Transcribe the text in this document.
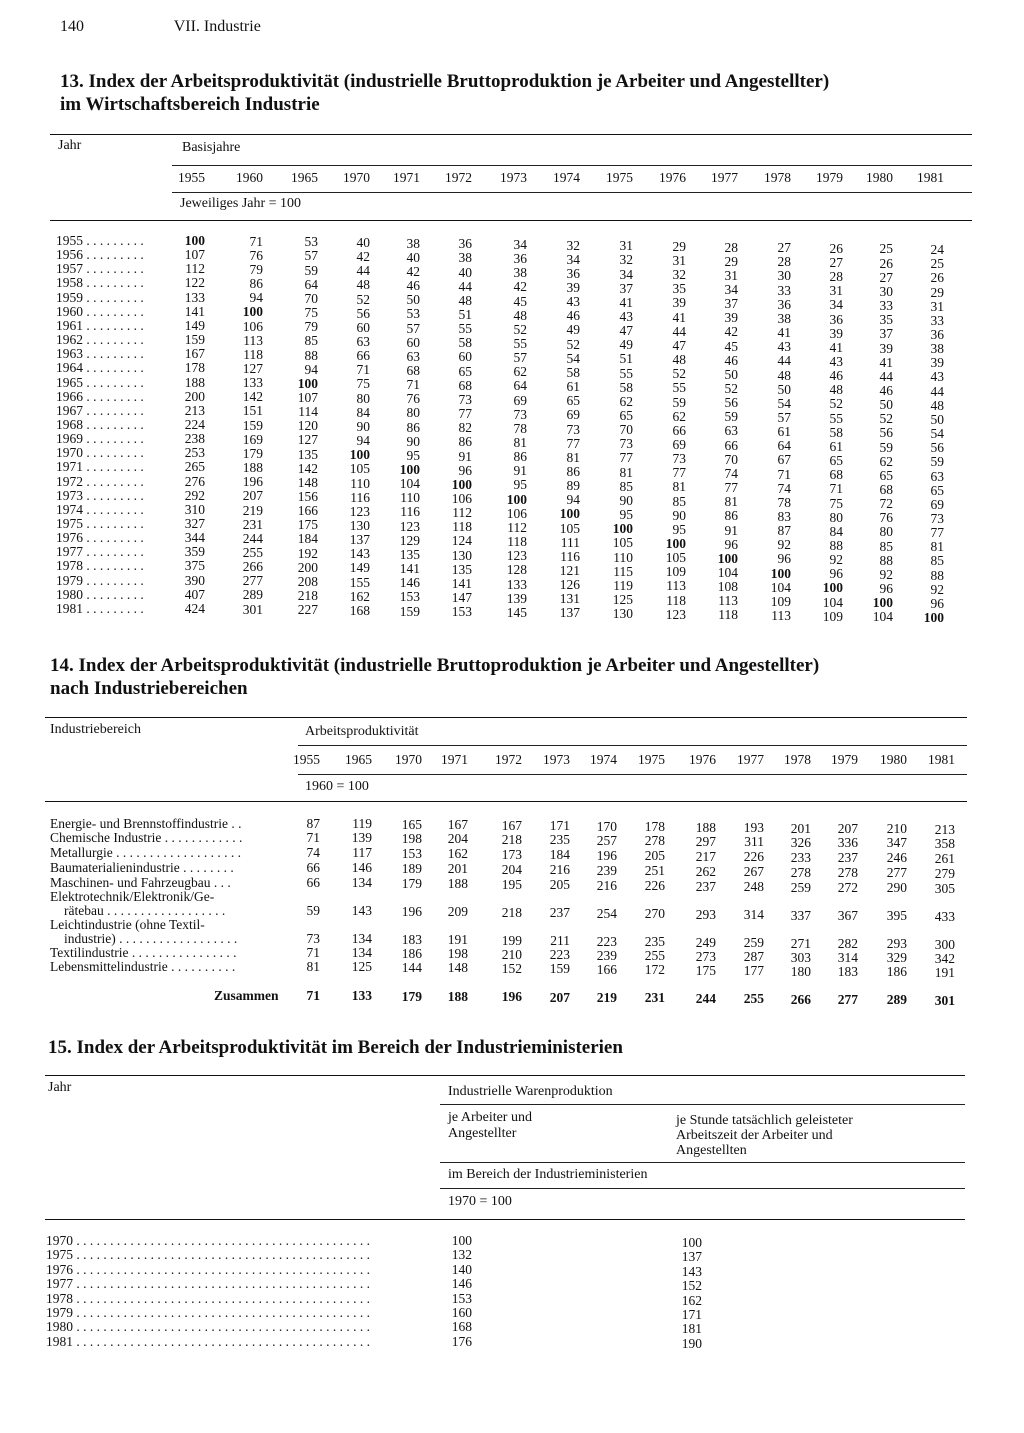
140	VII. Industrie
13. Index der Arbeitsproduktivität (industrielle Bruttoproduktion je Arbeiter und Angestellter)
im Wirtschaftsbereich Industrie
Jahr	Basisjahre
1955	1960	1965	1970	1971	1972	1973	1974	1975	1976	1977	1978	1979	1980	1981
Jeweiliges Jahr = 100
1955 . . . . . . . . .	100	71	53	40	38	36	34	32	31	29	28	27	26	25	24
1956 . . . . . . . . .	107	76	57	42	40	38	36	34	32	31	29	28	27	26	25
1957 . . . . . . . . .	112	79	59	44	42	40	38	36	34	32	31	30	28	27	26
1958 . . . . . . . . .	122	86	64	48	46	44	42	39	37	35	34	33	31	30	29
1959 . . . . . . . . .	133	94	70	52	50	48	45	43	41	39	37	36	34	33	31
1960 . . . . . . . . .	141	100	75	56	53	51	48	46	43	41	39	38	36	35	33
1961 . . . . . . . . .	149	106	79	60	57	55	52	49	47	44	42	41	39	37	36
1962 . . . . . . . . .	159	113	85	63	60	58	55	52	49	47	45	43	41	39	38
1963 . . . . . . . . .	167	118	88	66	63	60	57	54	51	48	46	44	43	41	39
1964 . . . . . . . . .	178	127	94	71	68	65	62	58	55	52	50	48	46	44	43
1965 . . . . . . . . .	188	133	100	75	71	68	64	61	58	55	52	50	48	46	44
1966 . . . . . . . . .	200	142	107	80	76	73	69	65	62	59	56	54	52	50	48
1967 . . . . . . . . .	213	151	114	84	80	77	73	69	65	62	59	57	55	52	50
1968 . . . . . . . . .	224	159	120	90	86	82	78	73	70	66	63	61	58	56	54
1969 . . . . . . . . .	238	169	127	94	90	86	81	77	73	69	66	64	61	59	56
1970 . . . . . . . . .	253	179	135	100	95	91	86	81	77	73	70	67	65	62	59
1971 . . . . . . . . .	265	188	142	105	100	96	91	86	81	77	74	71	68	65	63
1972 . . . . . . . . .	276	196	148	110	104	100	95	89	85	81	77	74	71	68	65
1973 . . . . . . . . .	292	207	156	116	110	106	100	94	90	85	81	78	75	72	69
1974 . . . . . . . . .	310	219	166	123	116	112	106	100	95	90	86	83	80	76	73
1975 . . . . . . . . .	327	231	175	130	123	118	112	105	100	95	91	87	84	80	77
1976 . . . . . . . . .	344	244	184	137	129	124	118	111	105	100	96	92	88	85	81
1977 . . . . . . . . .	359	255	192	143	135	130	123	116	110	105	100	96	92	88	85
1978 . . . . . . . . .	375	266	200	149	141	135	128	121	115	109	104	100	96	92	88
1979 . . . . . . . . .	390	277	208	155	146	141	133	126	119	113	108	104	100	96	92
1980 . . . . . . . . .	407	289	218	162	153	147	139	131	125	118	113	109	104	100	96
1981 . . . . . . . . .	424	301	227	168	159	153	145	137	130	123	118	113	109	104	100
14. Index der Arbeitsproduktivität (industrielle Bruttoproduktion je Arbeiter und Angestellter)
nach Industriebereichen
Industriebereich	Arbeitsproduktivität
1955	1965	1970	1971	1972	1973	1974	1975	1976	1977	1978	1979	1980	1981
1960 = 100
Energie- und Brennstoffindustrie . .	87	119	165	167	167	171	170	178	188	193	201	207	210	213
Chemische Industrie . . . . . . . . . . . .	71	139	198	204	218	235	257	278	297	311	326	336	347	358
Metallurgie . . . . . . . . . . . . . . . . . . .	74	117	153	162	173	184	196	205	217	226	233	237	246	261
Baumaterialienindustrie . . . . . . . .	66	146	189	201	204	216	239	251	262	267	278	278	277	279
Maschinen- und Fahrzeugbau . . .	66	134	179	188	195	205	216	226	237	248	259	272	290	305
Elektrotechnik/Elektronik/Ge-
rätebau . . . . . . . . . . . . . . . . . .	59	143	196	209	218	237	254	270	293	314	337	367	395	433
Leichtindustrie (ohne Textil-
industrie) . . . . . . . . . . . . . . . . . .	73	134	183	191	199	211	223	235	249	259	271	282	293	300
Textilindustrie . . . . . . . . . . . . . . . .	71	134	186	198	210	223	239	255	273	287	303	314	329	342
Lebensmittelindustrie . . . . . . . . . .	81	125	144	148	152	159	166	172	175	177	180	183	186	191
Zusammen	71	133	179	188	196	207	219	231	244	255	266	277	289	301
15. Index der Arbeitsproduktivität im Bereich der Industrieministerien
Jahr	Industrielle Warenproduktion
je Arbeiter und
Angestellter
je Stunde tatsächlich geleisteter
Arbeitszeit der Arbeiter und
Angestellten
im Bereich der Industrieministerien
1970 = 100
1970 . . . . . . . . . . . . . . . . . . . . . . . . . . . . . . . . . . . . . . . . . . . .	100	100
1975 . . . . . . . . . . . . . . . . . . . . . . . . . . . . . . . . . . . . . . . . . . . .	132	137
1976 . . . . . . . . . . . . . . . . . . . . . . . . . . . . . . . . . . . . . . . . . . . .	140	143
1977 . . . . . . . . . . . . . . . . . . . . . . . . . . . . . . . . . . . . . . . . . . . .	146	152
1978 . . . . . . . . . . . . . . . . . . . . . . . . . . . . . . . . . . . . . . . . . . . .	153	162
1979 . . . . . . . . . . . . . . . . . . . . . . . . . . . . . . . . . . . . . . . . . . . .	160	171
1980 . . . . . . . . . . . . . . . . . . . . . . . . . . . . . . . . . . . . . . . . . . . .	168	181
1981 . . . . . . . . . . . . . . . . . . . . . . . . . . . . . . . . . . . . . . . . . . . .	176	190
